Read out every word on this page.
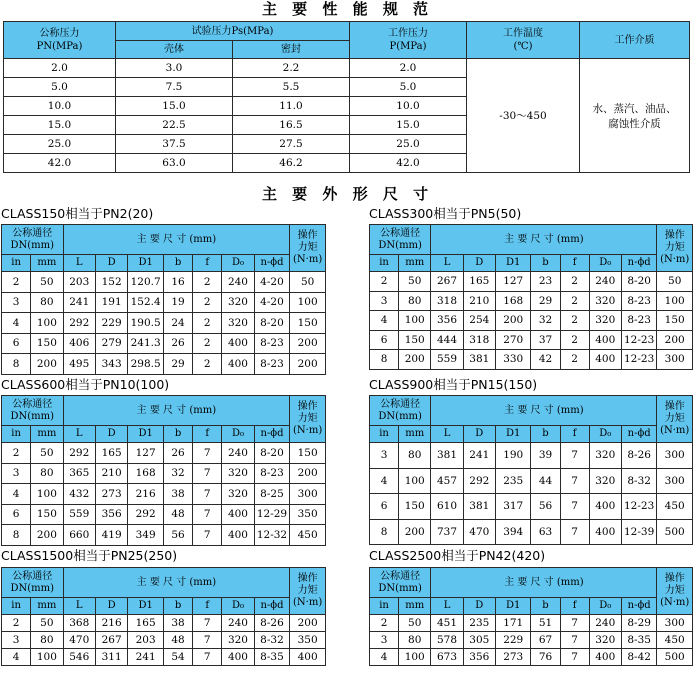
主 要 性 能 规 范
公称压力
PN(MPa)	试验压力Ps(MPa)		工作压力
P(MPa)	工作温度
(℃)	工作介质
	壳体	密封			
2.0	3.0	2.2	2.0	-30～450	水、蒸汽、油品、
腐蚀性介质
5.0	7.5	5.5	5.0		
10.0	15.0	11.0	10.0		
15.0	22.5	16.5	15.0		
25.0	37.5	27.5	25.0		
42.0	63.0	46.2	42.0		
主 要 外 形 尺 寸
CLASS150相当于PN2(20)
公称通径
DN(mm)		主 要 尺 寸 (mm)							操作
力矩
(N·m)
in	mm	L	D	D1	b	f	D₀	n-ϕd	
2	50	203	152	120.7	16	2	240	4-20	50
3	80	241	191	152.4	19	2	320	4-20	100
4	100	292	229	190.5	24	2	320	8-20	150
6	150	406	279	241.3	26	2	400	8-23	200
8	200	495	343	298.5	29	2	400	8-23	200
CLASS300相当于PN5(50)
公称通径
DN(mm)		主 要 尺 寸 (mm)							操作
力矩
(N·m)
in	mm	L	D	D1	b	f	D₀	n-ϕd	
2	50	267	165	127	23	2	240	8-20	50
3	80	318	210	168	29	2	320	8-23	100
4	100	356	254	200	32	2	320	8-23	150
6	150	444	318	270	37	2	400	12-23	200
8	200	559	381	330	42	2	400	12-23	300
CLASS600相当于PN10(100)
公称通径
DN(mm)		主 要 尺 寸 (mm)							操作
力矩
(N·m)
in	mm	L	D	D1	b	f	D₀	n-ϕd	
2	50	292	165	127	26	7	240	8-20	150
3	80	365	210	168	32	7	320	8-23	200
4	100	432	273	216	38	7	320	8-25	300
6	150	559	356	292	48	7	400	12-29	350
8	200	660	419	349	56	7	400	12-32	450
CLASS900相当于PN15(150)
公称通径
DN(mm)		主 要 尺 寸 (mm)							操作
力矩
(N·m)
in	mm	L	D	D1	b	f	D₀	n-ϕd	
3	80	381	241	190	39	7	320	8-26	300
4	100	457	292	235	44	7	320	8-32	300
6	150	610	381	317	56	7	400	12-23	450
8	200	737	470	394	63	7	400	12-39	500
CLASS1500相当于PN25(250)
公称通径
DN(mm)		主 要 尺 寸 (mm)							操作
力矩
(N·m)
in	mm	L	D	D1	b	f	D₀	n-ϕd	
2	50	368	216	165	38	7	240	8-26	200
3	80	470	267	203	48	7	320	8-32	350
4	100	546	311	241	54	7	400	8-35	400
CLASS2500相当于PN42(420)
公称通径
DN(mm)		主 要 尺 寸 (mm)							操作
力矩
(N·m)
in	mm	L	D	D1	b	f	D₀	n-ϕd	
2	50	451	235	171	51	7	240	8-29	300
3	80	578	305	229	67	7	320	8-35	450
4	100	673	356	273	76	7	400	8-42	500
